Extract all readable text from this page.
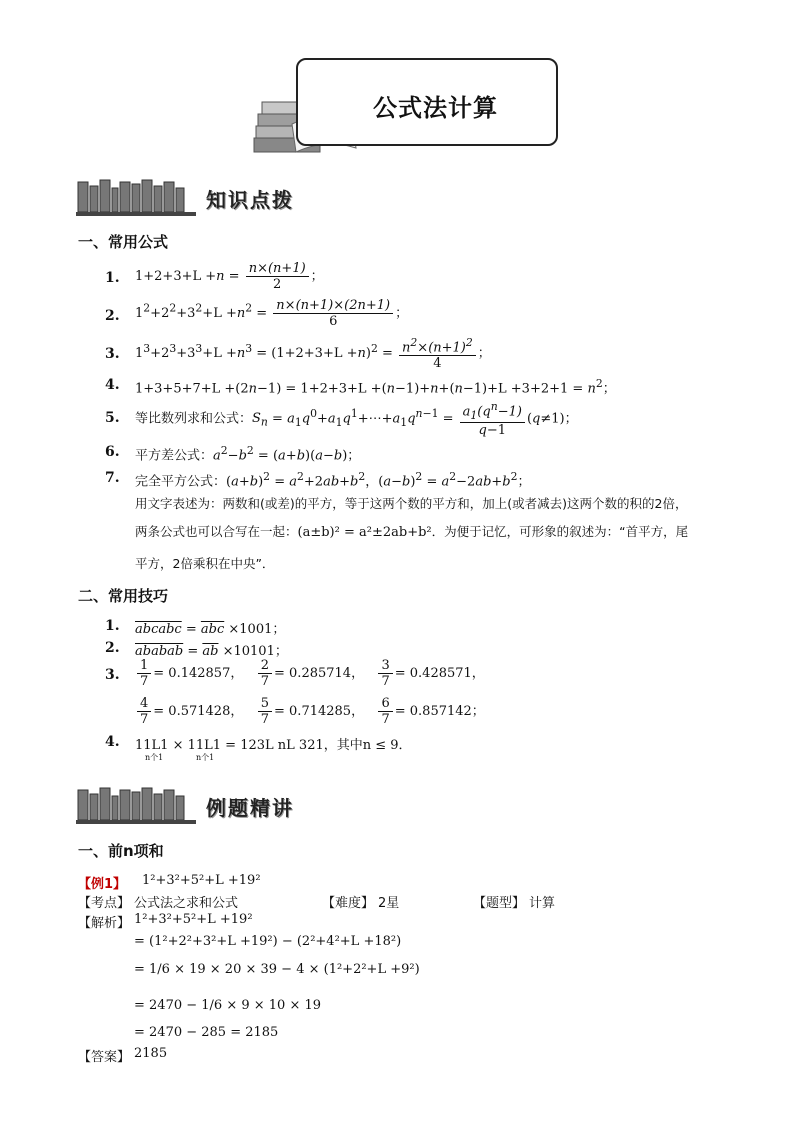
公式法计算
知识点拨
一、常用公式
1.	$1+2+3+L +n = \frac{n\times(n+1)}{2}$ ；
2.	$1^2+2^2+3^2+L +n^2 = \frac{n\times(n+1)\times(2n+1)}{6}$ ；
3.	$1^3+2^3+3^3+L +n^3 = (1+2+3+L +n)^2 = \frac{n^2\times(n+1)^2}{4}$ ；
4.	$1+3+5+7+L +(2n-1) = 1+2+3+L +(n-1)+n+(n-1)+L +3+2+1 = n^2$；
5.	等比数列求和公式：$S_n$ = $a_1q^0+a_1q^1+\cdots+a_1q^{n-1} = \frac{a_1(q^n-1)}{q-1} (q\ne 1)$；
6.	平方差公式：$a^2-b^2 = (a+b)(a-b)$；
7.	完全平方公式：$(a+b)^2 = a^2+2ab+b^2$，$(a-b)^2 = a^2-2ab+b^2$；
用文字表述为：两数和(或差)的平方，等于这两个数的平方和，加上(或者减去)这两个数的积的2倍，
两条公式也可以合写在一起：(a±b)² = a²±2ab+b²．为便于记忆，可形象的叙述为：“首平方，尾
平方，2倍乘积在中央”．
二、常用技巧
1.	abcabc = $\overline{abc} \times 1001$；
2.	ababab = $\overline{ab} \times 10101$；
3.	$\frac{1}{7} = 0.142857$， $\frac{2}{7} = 0.285714$， $\frac{3}{7} = 0.428571$，
$\frac{4}{7} = 0.571428$， $\frac{5}{7} = 0.714285$， $\frac{6}{7} = 0.857142$；
4.	11L1 × 11L1 = 123L nL 321，其中n ≤ 9．
n个1	n个1
例题精讲
一、前n项和
【例1】 1²+3²+5²+L +19²
【考点】 公式法之求和公式	【难度】 2星	【题型】 计算
【解析】 1²+3²+5²+L +19²
= (1²+2²+3²+L +19²) − (2²+4²+L +18²)
= 1/6 × 19 × 20 × 39 − 4 × (1²+2²+L +9²)
= 2470 − 1/6 × 9 × 10 × 19
= 2470 − 285 = 2185
【答案】 2185
